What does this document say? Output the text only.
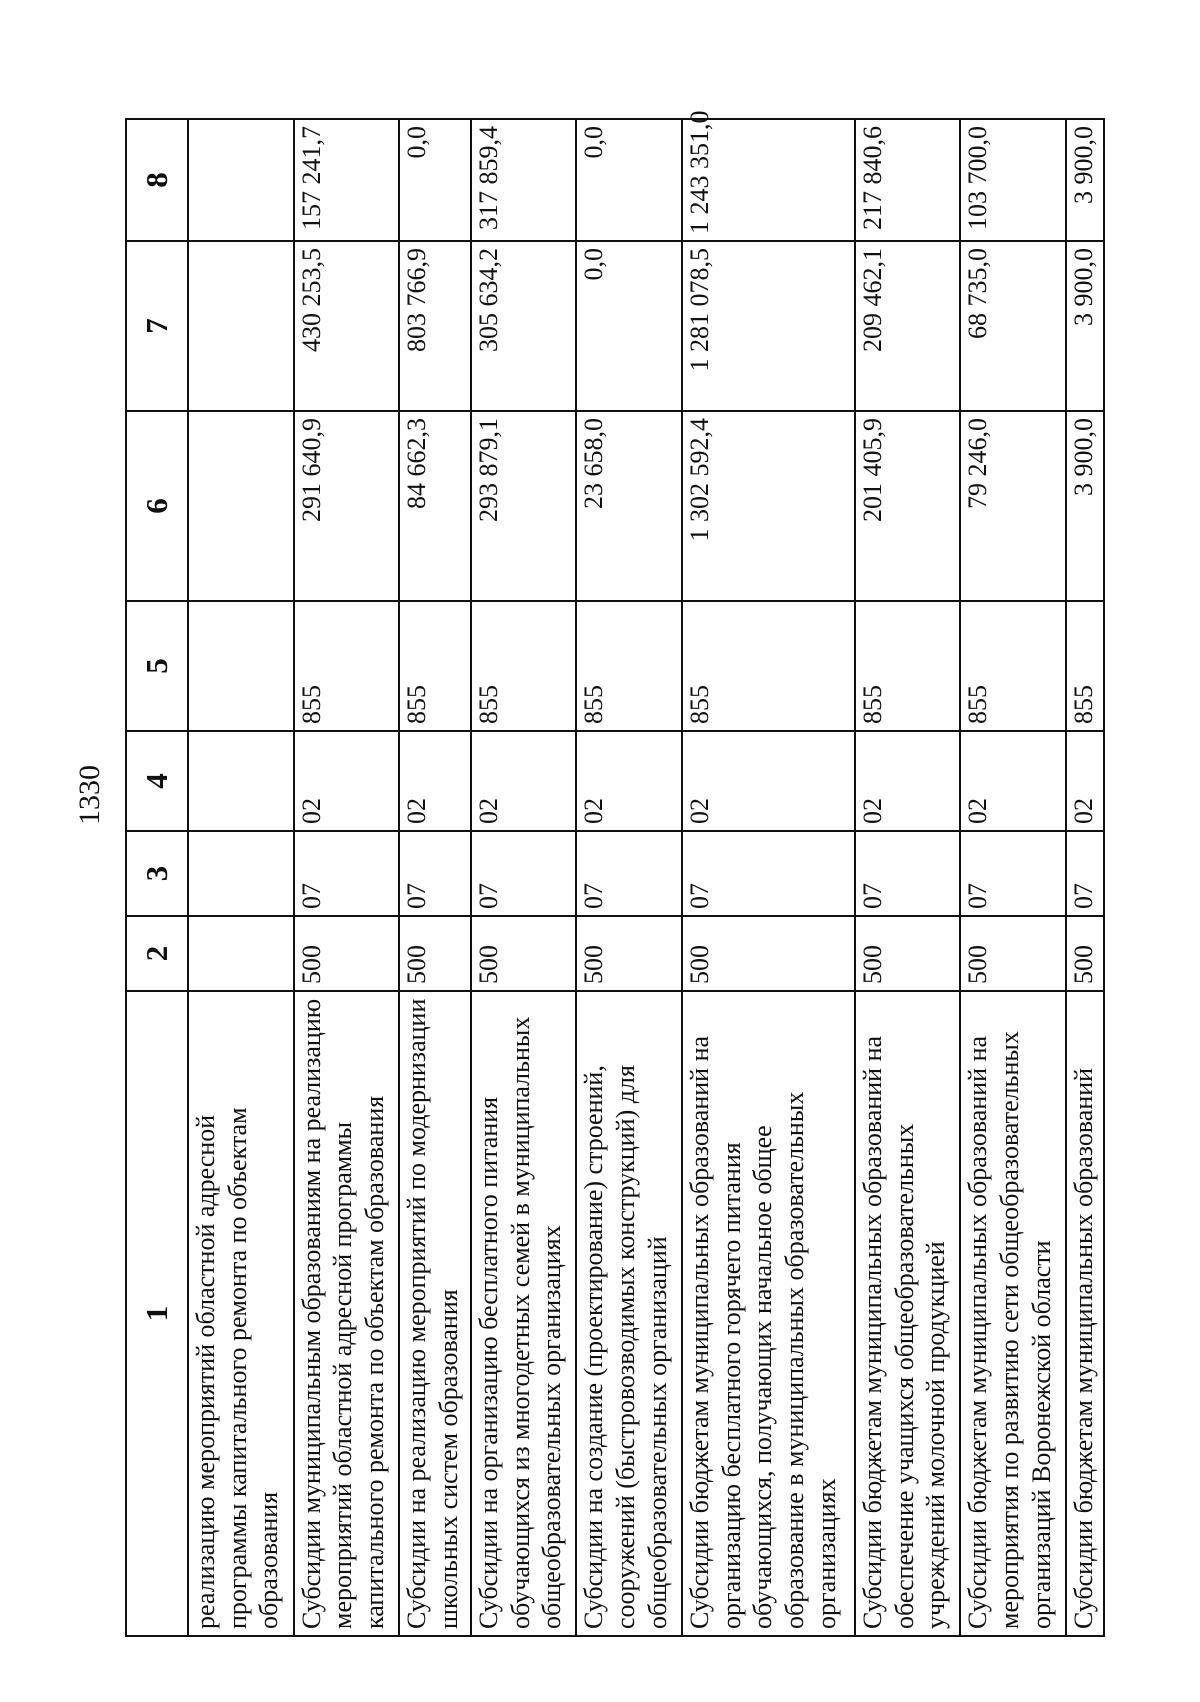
1330
1	2	3	4	5	6	7	8
реализацию мероприятий областной адресной программы капитального ремонта по объектам образования							
Субсидии муниципальным образованиям на реализацию мероприятий областной адресной программы капитального ремонта по объектам образования	500	07	02	855	291 640,9	430 253,5	157 241,7
Субсидии на реализацию мероприятий по модернизации школьных систем образования	500	07	02	855	84 662,3	803 766,9	0,0
Субсидии на организацию бесплатного питания обучающихся из многодетных семей в муниципальных общеобразовательных организациях	500	07	02	855	293 879,1	305 634,2	317 859,4
Субсидии на создание (проектирование) строений, сооружений (быстровозводимых конструкций) для общеобразовательных организаций	500	07	02	855	23 658,0	0,0	0,0
Субсидии бюджетам муниципальных образований на организацию бесплатного горячего питания обучающихся, получающих начальное общее образование в муниципальных образовательных организациях	500	07	02	855	1 302 592,4	1 281 078,5	1 243 351,0
Субсидии бюджетам муниципальных образований на обеспечение учащихся общеобразовательных учреждений молочной продукцией	500	07	02	855	201 405,9	209 462,1	217 840,6
Субсидии бюджетам муниципальных образований на мероприятия по развитию сети общеобразовательных организаций Воронежской области	500	07	02	855	79 246,0	68 735,0	103 700,0
Субсидии бюджетам муниципальных образований	500	07	02	855	3 900,0	3 900,0	3 900,0
